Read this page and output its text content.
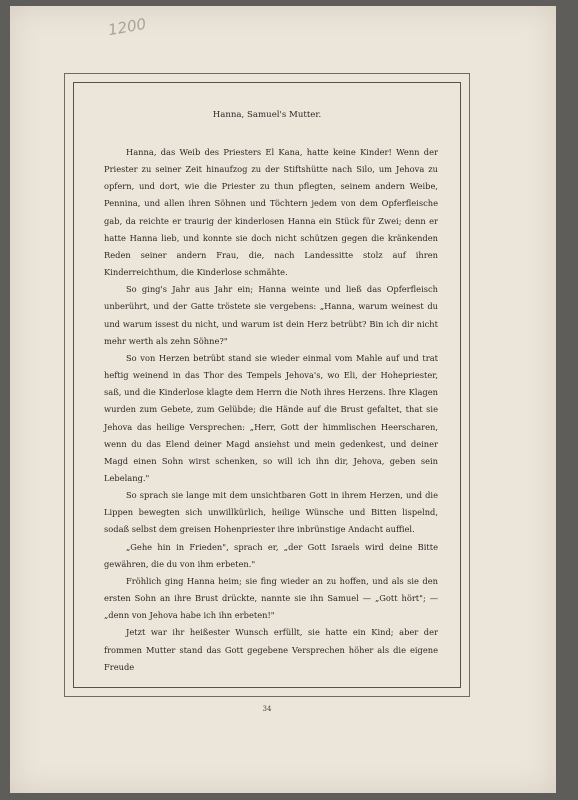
1200
Hanna, Samuel's Mutter.

Hanna, das Weib des Priesters El Kana, hatte keine Kinder! Wenn der Priester zu seiner Zeit hinaufzog zu der Stiftshütte nach Silo, um Jehova zu opfern, und dort, wie die Priester zu thun pflegten, seinem andern Weibe, Pennina, und allen ihren Söhnen und Töchtern jedem von dem Opferfleische gab, da reichte er traurig der kinderlosen Hanna ein Stück für Zwei; denn er hatte Hanna lieb, und konnte sie doch nicht schützen gegen die kränkenden Reden seiner andern Frau, die, nach Landessitte stolz auf ihren Kinderreichthum, die Kinderlose schmähte.

So ging's Jahr aus Jahr ein; Hanna weinte und ließ das Opferfleisch unberührt, und der Gatte tröstete sie vergebens: „Hanna, warum weinest du und warum issest du nicht, und warum ist dein Herz betrübt? Bin ich dir nicht mehr werth als zehn Söhne?"

So von Herzen betrübt stand sie wieder einmal vom Mahle auf und trat heftig weinend in das Thor des Tempels Jehova's, wo Eli, der Hohepriester, saß, und die Kinderlose klagte dem Herrn die Noth ihres Herzens. Ihre Klagen wurden zum Gebete, zum Gelübde; die Hände auf die Brust gefaltet, that sie Jehova das heilige Versprechen: „Herr, Gott der himmlischen Heerscharen, wenn du das Elend deiner Magd ansiehst und mein gedenkest, und deiner Magd einen Sohn wirst schenken, so will ich ihn dir, Jehova, geben sein Lebelang."

So sprach sie lange mit dem unsichtbaren Gott in ihrem Herzen, und die Lippen bewegten sich unwillkürlich, heilige Wünsche und Bitten lispelnd, sodaß selbst dem greisen Hohenpriester ihre inbrünstige Andacht auffiel.

„Gehe hin in Frieden", sprach er, „der Gott Israels wird deine Bitte gewähren, die du von ihm erbeten."

Fröhlich ging Hanna heim; sie fing wieder an zu hoffen, und als sie den ersten Sohn an ihre Brust drückte, nannte sie ihn Samuel — „Gott hört"; — „denn von Jehova habe ich ihn erbeten!"

Jetzt war ihr heißester Wunsch erfüllt, sie hatte ein Kind; aber der frommen Mutter stand das Gott gegebene Versprechen höher als die eigene Freude

34
